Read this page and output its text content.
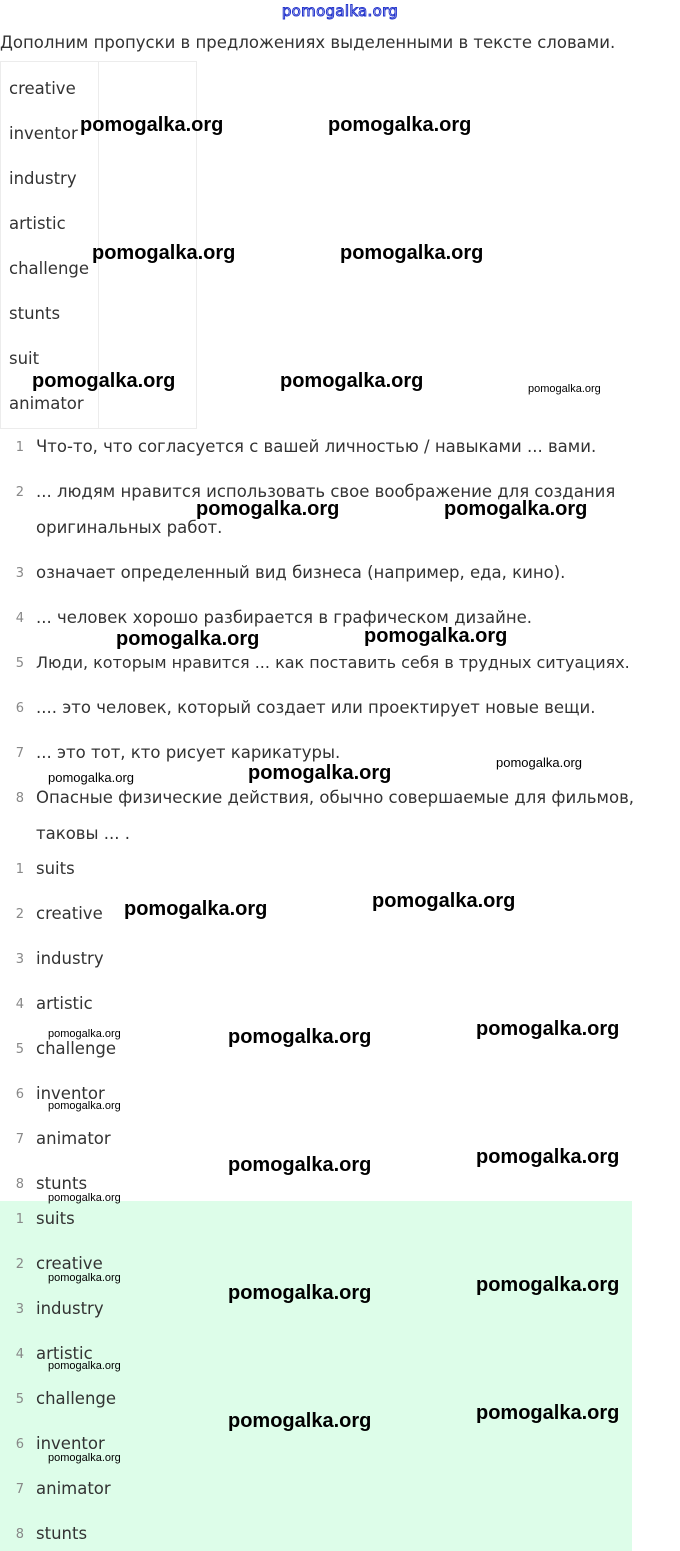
pomogalka.org
Дополним пропуски в предложениях выделенными в тексте словами.
creative
inventor
industry
artistic
challenge
stunts
suit
animator
1 Что-то, что согласуется с вашей личностью / навыками ... вами.
2 ... людям нравится использовать свое воображение для создания
оригинальных работ.
3 означает определенный вид бизнеса (например, еда, кино).
4 ... человек хорошо разбирается в графическом дизайне.
5 Люди, которым нравится ... как поставить себя в трудных ситуациях.
6 .... это человек, который создает или проектирует новые вещи.
7 ... это тот, кто рисует карикатуры.
8 Опасные физические действия, обычно совершаемые для фильмов,
таковы ... .
1 suits
2 creative
3 industry
4 artistic
5 challenge
6 inventor
7 animator
8 stunts
1 suits
2 creative
3 industry
4 artistic
5 challenge
6 inventor
7 animator
8 stunts
pomogalka.org	pomogalka.org
pomogalka.org	pomogalka.org
pomogalka.org	pomogalka.org	pomogalka.org
pomogalka.org	pomogalka.org
pomogalka.org	pomogalka.org
pomogalka.org
pomogalka.org
pomogalka.org
pomogalka.org	pomogalka.org
pomogalka.org	pomogalka.org
pomogalka.org
pomogalka.org
pomogalka.org	pomogalka.org
pomogalka.org
pomogalka.org
pomogalka.org	pomogalka.org
pomogalka.org
pomogalka.org	pomogalka.org
pomogalka.org
